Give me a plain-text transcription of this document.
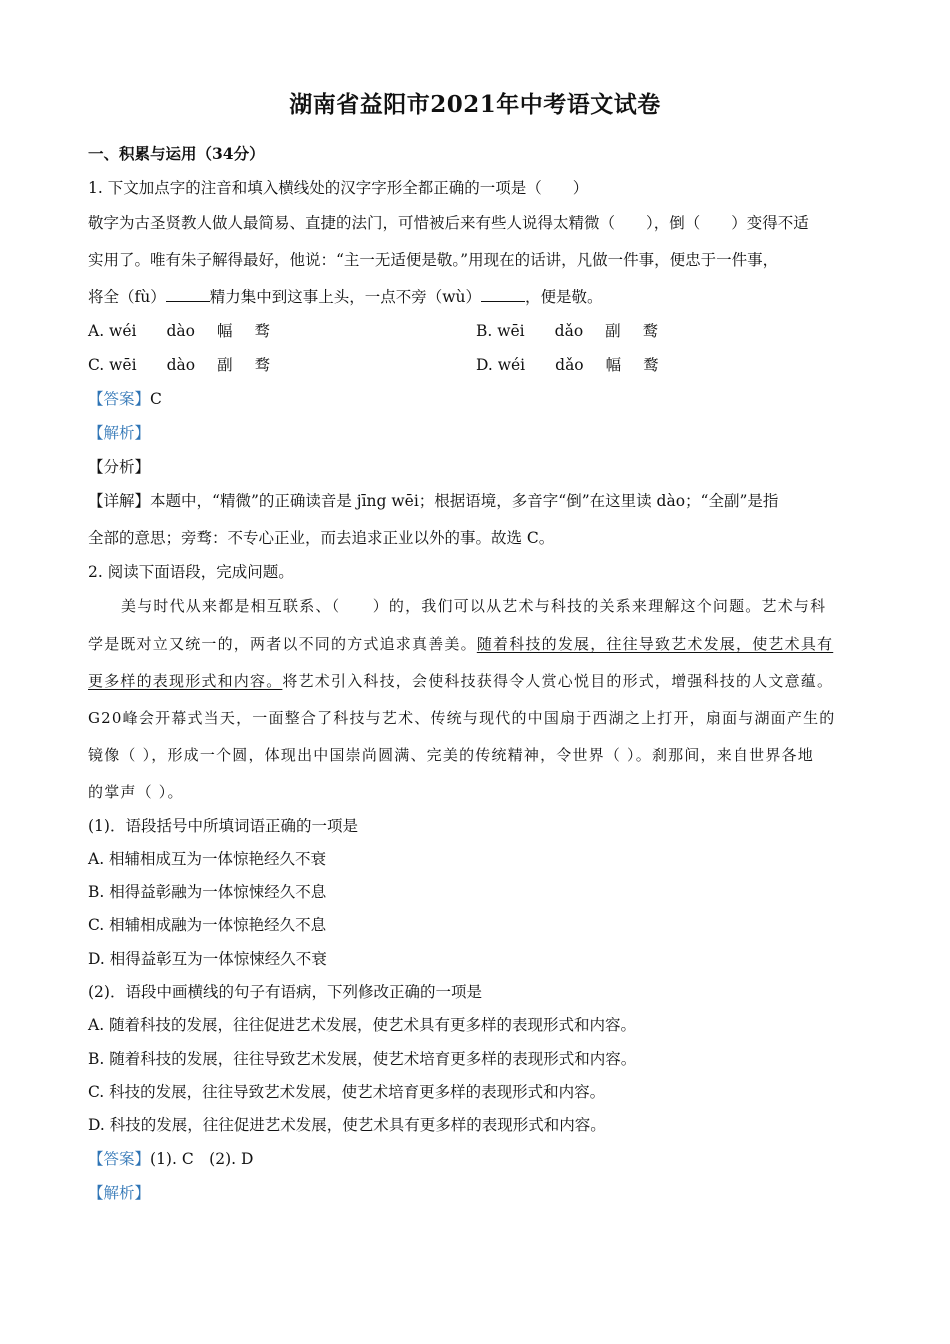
湖南省益阳市2021年中考语文试卷
一、积累与运用（34分）
1. 下文加点字的注音和填入横线处的汉字字形全都正确的一项是（　　）
敬字为古圣贤教人做人最简易、直捷的法门，可惜被后来有些人说得太精微（　　），倒（　　）变得不适
实用了。唯有朱子解得最好，他说：“主一无适便是敬。”用现在的话讲，凡做一件事，便忠于一件事，
将全（fù）	精力集中到这事上头，一点不旁（wù）	，便是敬。
A. wéi dào 幅 骛	B. wēi dǎo 副 鹜
C. wēi dào 副 骛	D. wéi dǎo 幅 鹜
【答案】C
【解析】
【分析】
【详解】本题中，“精微”的正确读音是 jīng wēi；根据语境，多音字“倒”在这里读 dào；“全副”是指
全部的意思；旁骛：不专心正业，而去追求正业以外的事。故选 C。
2. 阅读下面语段，完成问题。
美与时代从来都是相互联系、（　　）的，我们可以从艺术与科技的关系来理解这个问题。艺术与科
学是既对立又统一的，两者以不同的方式追求真善美。随着科技的发展，往往导致艺术发展，使艺术具有
更多样的表现形式和内容。将艺术引入科技，会使科技获得令人赏心悦目的形式，增强科技的人文意蕴。
G20峰会开幕式当天，一面整合了科技与艺术、传统与现代的中国扇于西湖之上打开，扇面与湖面产生的
镜像（ ），形成一个圆，体现出中国崇尚圆满、完美的传统精神，令世界（ ）。刹那间，来自世界各地
的掌声（ ）。
(1)．语段括号中所填词语正确的一项是
A. 相辅相成互为一体惊艳经久不衰
B. 相得益彰融为一体惊悚经久不息
C. 相辅相成融为一体惊艳经久不息
D. 相得益彰互为一体惊悚经久不衰
(2)．语段中画横线的句子有语病，下列修改正确的一项是
A. 随着科技的发展，往往促进艺术发展，使艺术具有更多样的表现形式和内容。
B. 随着科技的发展，往往导致艺术发展，使艺术培育更多样的表现形式和内容。
C. 科技的发展，往往导致艺术发展，使艺术培育更多样的表现形式和内容。
D. 科技的发展，往往促进艺术发展，使艺术具有更多样的表现形式和内容。
【答案】(1). C　(2). D
【解析】
